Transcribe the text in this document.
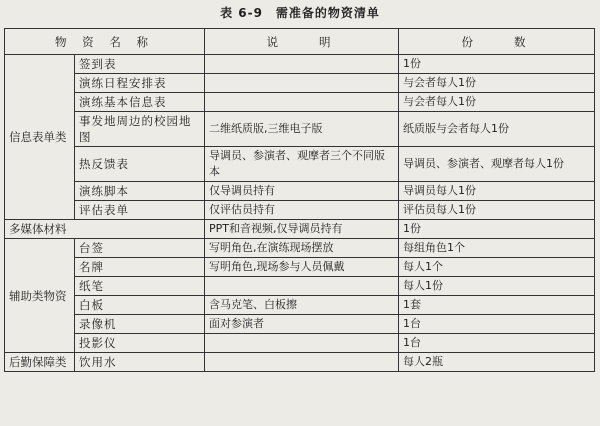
表 6-9　需准备的物资清单
物 资 名 称		说　　明	份　　数
信息表单类	签到表		1份
	演练日程安排表		与会者每人1份
	演练基本信息表		与会者每人1份
	事发地周边的校园地图	二维纸质版,三维电子版	纸质版与会者每人1份
	热反馈表	导调员、参演者、观摩者三个不同版本	导调员、参演者、观摩者每人1份
	演练脚本	仅导调员持有	导调员每人1份
	评估表单	仅评估员持有	评估员每人1份
多媒体材料		PPT和音视频,仅导调员持有	1份
辅助类物资	台签	写明角色,在演练现场摆放	每组角色1个
	名牌	写明角色,现场参与人员佩戴	每人1个
	纸笔		每人1份
	白板	含马克笔、白板擦	1套
	录像机	面对参演者	1台
	投影仪		1台
后勤保障类	饮用水		每人2瓶
